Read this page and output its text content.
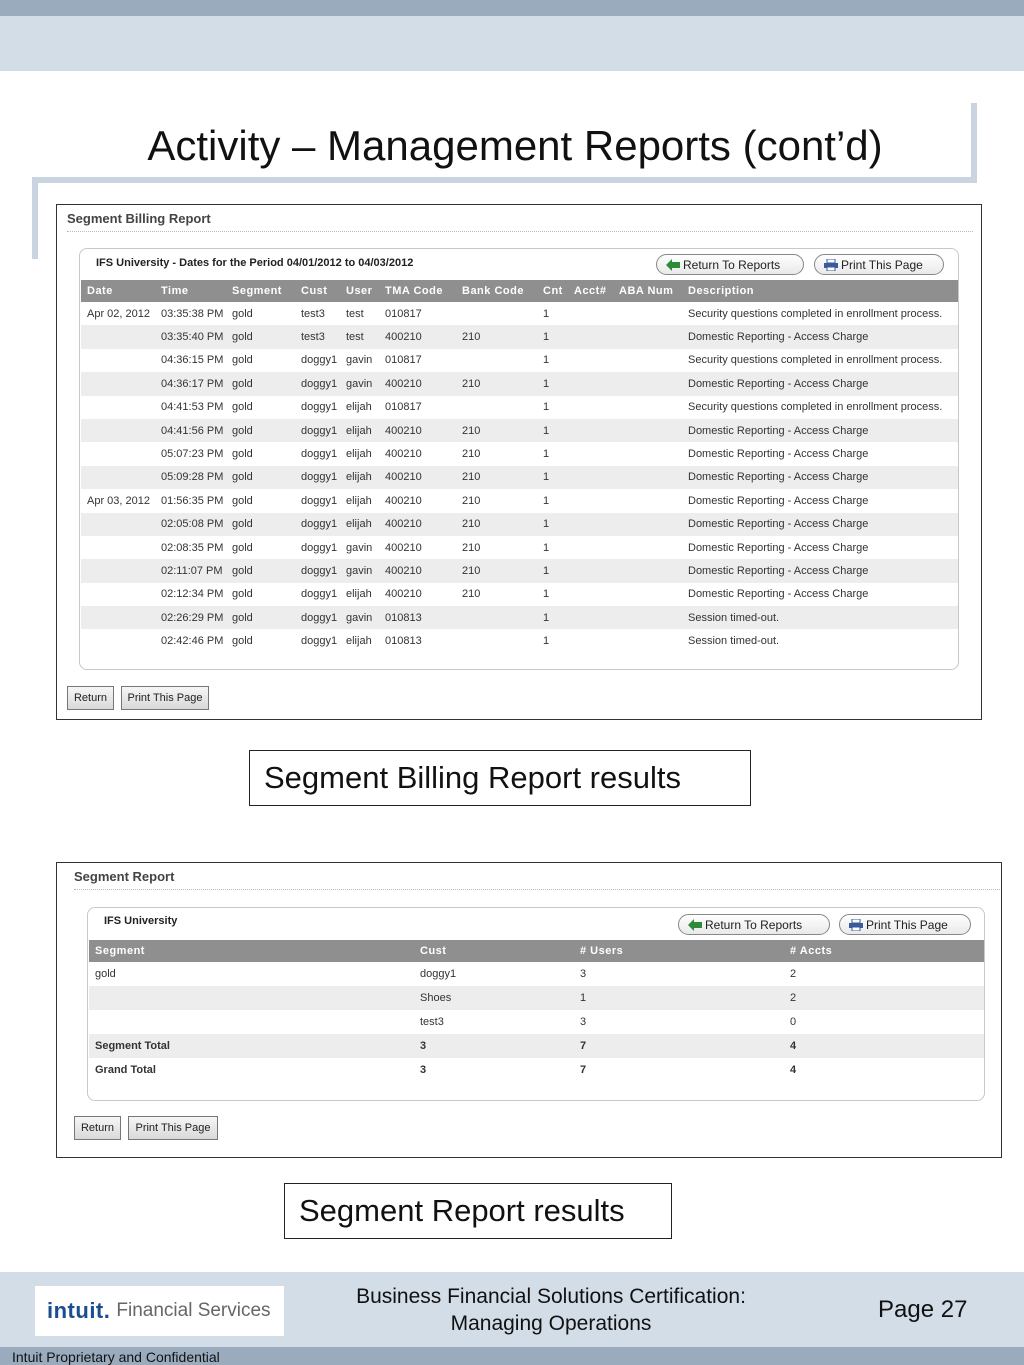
Activity – Management Reports (cont’d)
Segment Billing Report
IFS University - Dates for the Period 04/01/2012 to 04/03/2012	Return To Reports	Print This Page
Date	Time	Segment	Cust	User	TMA Code	Bank Code	Cnt	Acct#	ABA Num	Description
Apr 02, 2012	03:35:38 PM	gold	test3	test	010817		1			Security questions completed in enrollment process.
	03:35:40 PM	gold	test3	test	400210	210	1			Domestic Reporting - Access Charge
	04:36:15 PM	gold	doggy1	gavin	010817		1			Security questions completed in enrollment process.
	04:36:17 PM	gold	doggy1	gavin	400210	210	1			Domestic Reporting - Access Charge
	04:41:53 PM	gold	doggy1	elijah	010817		1			Security questions completed in enrollment process.
	04:41:56 PM	gold	doggy1	elijah	400210	210	1			Domestic Reporting - Access Charge
	05:07:23 PM	gold	doggy1	elijah	400210	210	1			Domestic Reporting - Access Charge
	05:09:28 PM	gold	doggy1	elijah	400210	210	1			Domestic Reporting - Access Charge
Apr 03, 2012	01:56:35 PM	gold	doggy1	elijah	400210	210	1			Domestic Reporting - Access Charge
	02:05:08 PM	gold	doggy1	elijah	400210	210	1			Domestic Reporting - Access Charge
	02:08:35 PM	gold	doggy1	gavin	400210	210	1			Domestic Reporting - Access Charge
	02:11:07 PM	gold	doggy1	gavin	400210	210	1			Domestic Reporting - Access Charge
	02:12:34 PM	gold	doggy1	elijah	400210	210	1			Domestic Reporting - Access Charge
	02:26:29 PM	gold	doggy1	gavin	010813		1			Session timed-out.
	02:42:46 PM	gold	doggy1	elijah	010813		1			Session timed-out.
Return	Print This Page
Segment Billing Report results
Segment Report
IFS University	Return To Reports	Print This Page
Segment	Cust	# Users	# Accts
gold	doggy1	3	2
	Shoes	1	2
	test3	3	0
Segment Total	3	7	4
Grand Total	3	7	4
Return	Print This Page
Segment Report results
intuit. Financial Services
Business Financial Solutions Certification:
Managing Operations
Page 27
Intuit Proprietary and Confidential
